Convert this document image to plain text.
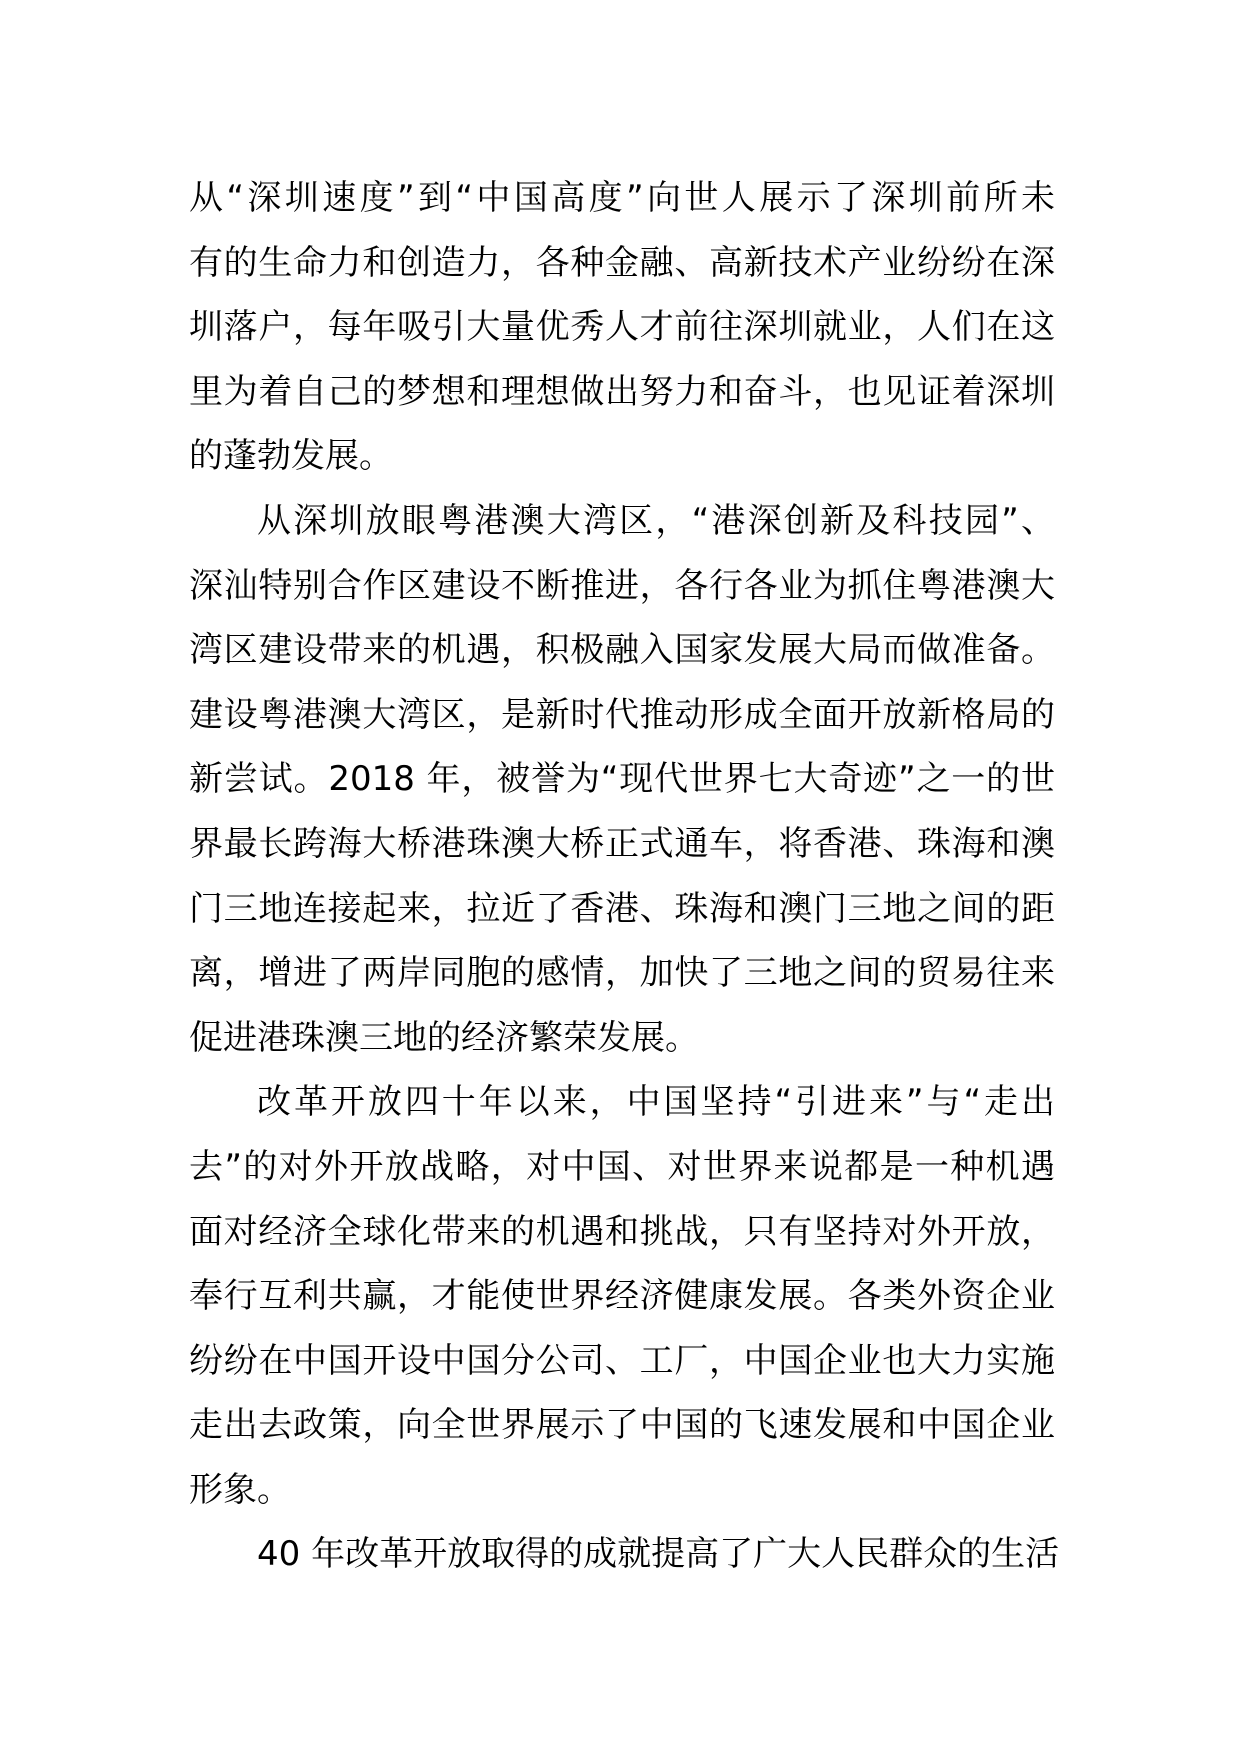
从“深圳速度”到“中国高度”向世人展示了深圳前所未
有的生命力和创造力，各种金融、高新技术产业纷纷在深
圳落户，每年吸引大量优秀人才前往深圳就业，人们在这
里为着自己的梦想和理想做出努力和奋斗，也见证着深圳
的蓬勃发展。
从深圳放眼粤港澳大湾区，“港深创新及科技园”、
深汕特别合作区建设不断推进，各行各业为抓住粤港澳大
湾区建设带来的机遇，积极融入国家发展大局而做准备。
建设粤港澳大湾区，是新时代推动形成全面开放新格局的
新尝试。2018 年，被誉为“现代世界七大奇迹”之一的世
界最长跨海大桥港珠澳大桥正式通车，将香港、珠海和澳
门三地连接起来，拉近了香港、珠海和澳门三地之间的距
离，增进了两岸同胞的感情，加快了三地之间的贸易往来
促进港珠澳三地的经济繁荣发展。
改革开放四十年以来，中国坚持“引进来”与“走出
去”的对外开放战略，对中国、对世界来说都是一种机遇
面对经济全球化带来的机遇和挑战，只有坚持对外开放，
奉行互利共赢，才能使世界经济健康发展。各类外资企业
纷纷在中国开设中国分公司、工厂，中国企业也大力实施
走出去政策，向全世界展示了中国的飞速发展和中国企业
形象。
40 年改革开放取得的成就提高了广大人民群众的生活
